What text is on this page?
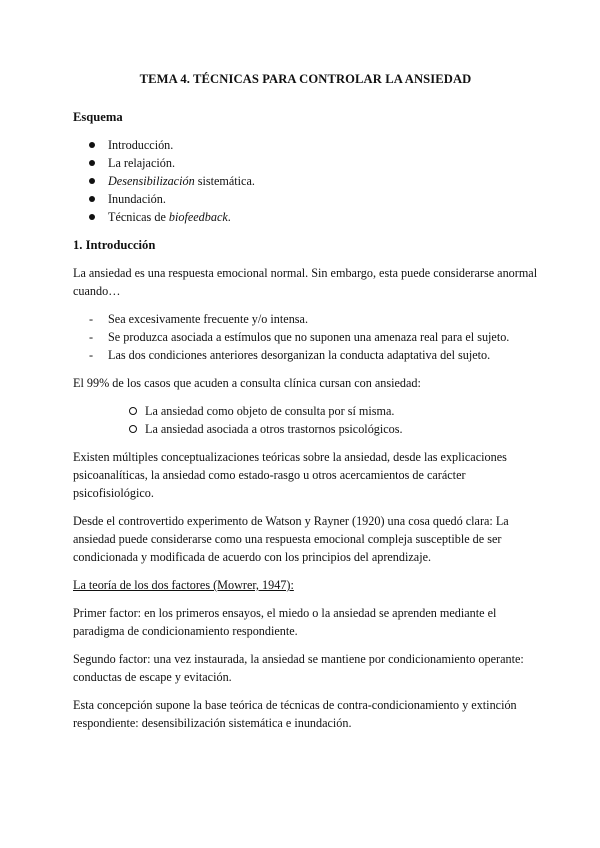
TEMA 4. TÉCNICAS PARA CONTROLAR LA ANSIEDAD
Esquema
Introducción.
La relajación.
Desensibilización sistemática.
Inundación.
Técnicas de biofeedback.
1. Introducción

La ansiedad es una respuesta emocional normal. Sin embargo, esta puede considerarse anormal cuando…

- Sea excesivamente frecuente y/o intensa.
- Se produzca asociada a estímulos que no suponen una amenaza real para el sujeto.
- Las dos condiciones anteriores desorganizan la conducta adaptativa del sujeto.

El 99% de los casos que acuden a consulta clínica cursan con ansiedad:

La ansiedad como objeto de consulta por sí misma.
La ansiedad asociada a otros trastornos psicológicos.

Existen múltiples conceptualizaciones teóricas sobre la ansiedad, desde las explicaciones psicoanalíticas, la ansiedad como estado-rasgo u otros acercamientos de carácter psicofisiológico.

Desde el controvertido experimento de Watson y Rayner (1920) una cosa quedó clara: La ansiedad puede considerarse como una respuesta emocional compleja susceptible de ser condicionada y modificada de acuerdo con los principios del aprendizaje.

La teoría de los dos factores (Mowrer, 1947):

Primer factor: en los primeros ensayos, el miedo o la ansiedad se aprenden mediante el paradigma de condicionamiento respondiente.

Segundo factor: una vez instaurada, la ansiedad se mantiene por condicionamiento operante: conductas de escape y evitación.

Esta concepción supone la base teórica de técnicas de contra-condicionamiento y extinción respondiente: desensibilización sistemática e inundación.
